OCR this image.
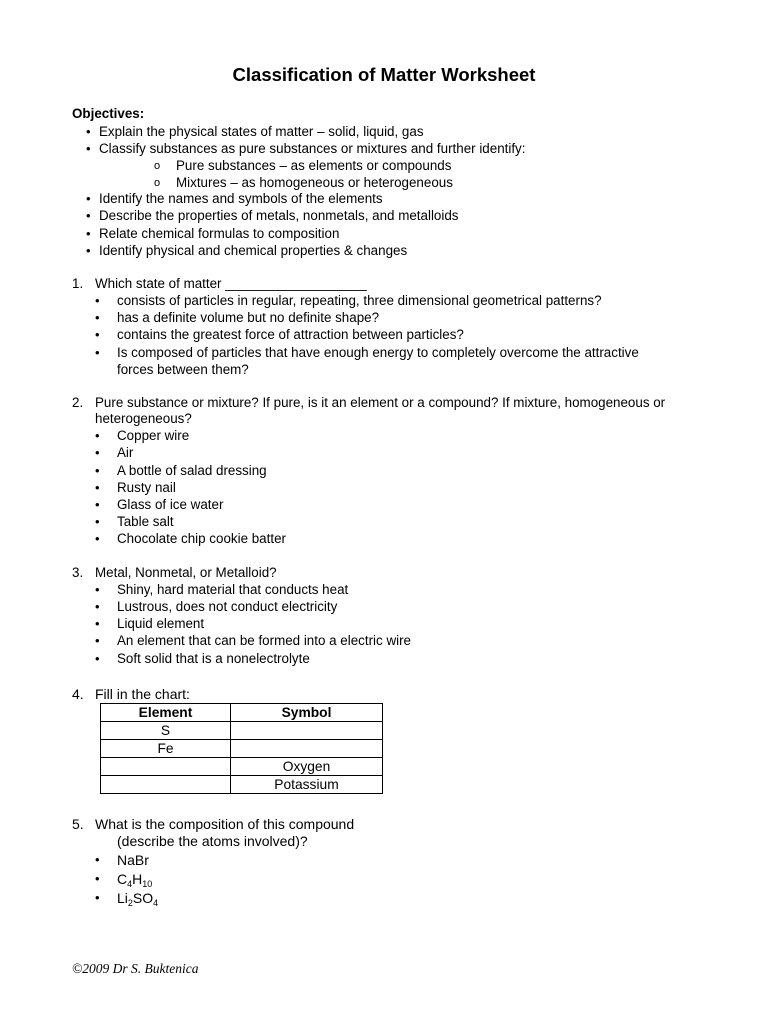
Classification of Matter Worksheet
Objectives:
• Explain the physical states of matter – solid, liquid, gas
• Classify substances as pure substances or mixtures and further identify:
o Pure substances – as elements or compounds
o Mixtures – as homogeneous or heterogeneous
• Identify the names and symbols of the elements
• Describe the properties of metals, nonmetals, and metalloids
• Relate chemical formulas to composition
• Identify physical and chemical properties & changes
1. Which state of matter ___________________
• consists of particles in regular, repeating, three dimensional geometrical patterns?
• has a definite volume but no definite shape?
• contains the greatest force of attraction between particles?
• Is composed of particles that have enough energy to completely overcome the attractive
forces between them?
2. Pure substance or mixture? If pure, is it an element or a compound? If mixture, homogeneous or
heterogeneous?
• Copper wire
• Air
• A bottle of salad dressing
• Rusty nail
• Glass of ice water
• Table salt
• Chocolate chip cookie batter
3. Metal, Nonmetal, or Metalloid?
• Shiny, hard material that conducts heat
• Lustrous, does not conduct electricity
• Liquid element
• An element that can be formed into a electric wire
• Soft solid that is a nonelectrolyte
4. Fill in the chart:
Element	Symbol
S	
Fe	
	Oxygen
	Potassium
5. What is the composition of this compound
(describe the atoms involved)?
• NaBr
• $C_4H_{10}$
• $Li_2SO_4$
©2009 Dr S. Buktenica
